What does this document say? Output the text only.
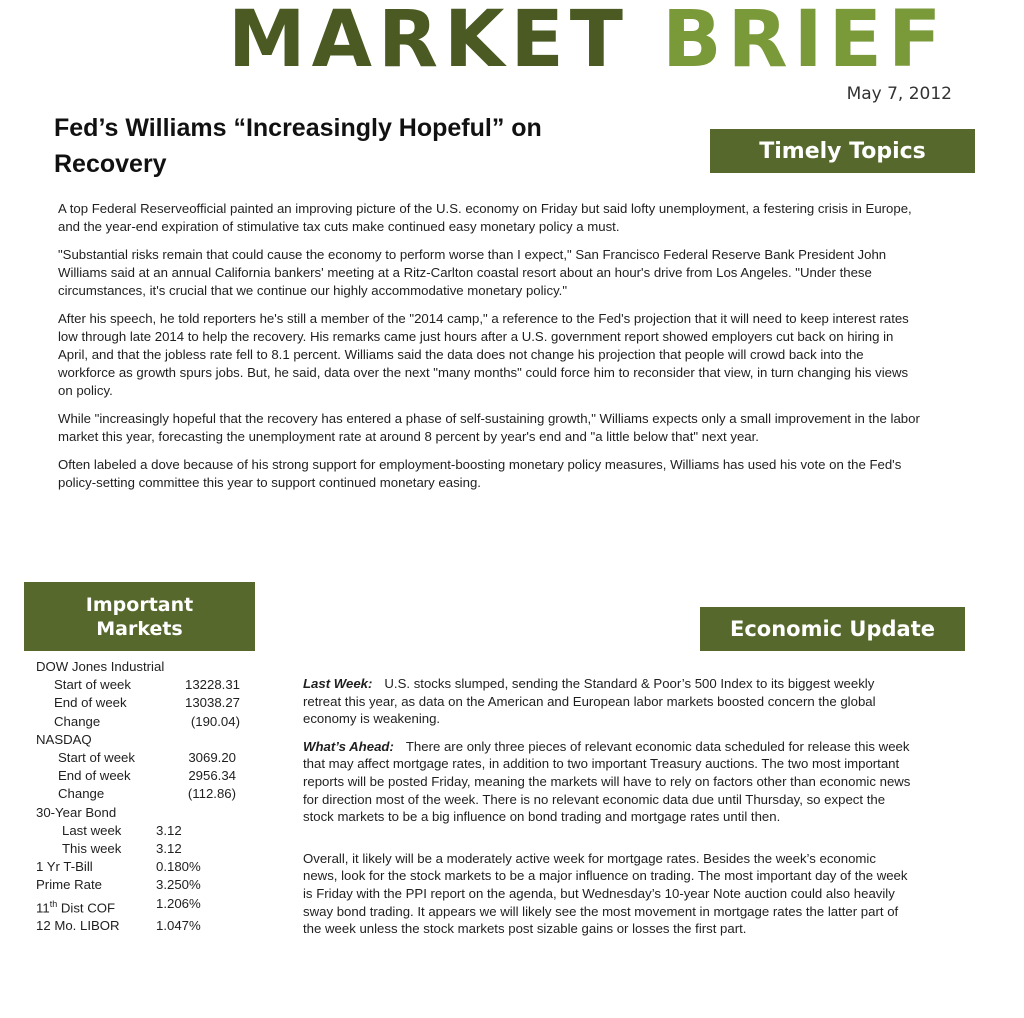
MARKET BRIEF
May 7, 2012
Fed’s Williams “Increasingly Hopeful” on Recovery	Timely Topics

A top Federal Reserveofficial painted an improving picture of the U.S. economy on Friday but said lofty unemployment, a festering crisis in Europe, and the year-end expiration of stimulative tax cuts make continued easy monetary policy a must.

"Substantial risks remain that could cause the economy to perform worse than I expect," San Francisco Federal Reserve Bank President John Williams said at an annual California bankers' meeting at a Ritz-Carlton coastal resort about an hour's drive from Los Angeles. "Under these circumstances, it's crucial that we continue our highly accommodative monetary policy."

After his speech, he told reporters he's still a member of the "2014 camp," a reference to the Fed's projection that it will need to keep interest rates low through late 2014 to help the recovery. His remarks came just hours after a U.S. government report showed employers cut back on hiring in April, and that the jobless rate fell to 8.1 percent. Williams said the data does not change his projection that people will crowd back into the workforce as growth spurs jobs. But, he said, data over the next "many months" could force him to reconsider that view, in turn changing his views on policy.

While "increasingly hopeful that the recovery has entered a phase of self-sustaining growth," Williams expects only a small improvement in the labor market this year, forecasting the unemployment rate at around 8 percent by year's end and "a little below that" next year.

Often labeled a dove because of his strong support for employment-boosting monetary policy measures, Williams has used his vote on the Fed's policy-setting committee this year to support continued monetary easing.

Important
Markets
DOW Jones Industrial
Start of week	13228.31
End of week	13038.27
Change	(190.04)
NASDAQ
Start of week	3069.20
End of week	2956.34
Change	(112.86)
30-Year Bond
Last week	3.12
This week	3.12
1 Yr T-Bill	0.180%
Prime Rate	3.250%
11th Dist COF	1.206%
12 Mo. LIBOR	1.047%
Economic Update

Last Week: U.S. stocks slumped, sending the Standard & Poor’s 500 Index to its biggest weekly retreat this year, as data on the American and European labor markets boosted concern the global economy is weakening.

What’s Ahead: There are only three pieces of relevant economic data scheduled for release this week that may affect mortgage rates, in addition to two important Treasury auctions. The two most important reports will be posted Friday, meaning the markets will have to rely on factors other than economic news for direction most of the week. There is no relevant economic data due until Thursday, so expect the stock markets to be a big influence on bond trading and mortgage rates until then.

Overall, it likely will be a moderately active week for mortgage rates. Besides the week’s economic news, look for the stock markets to be a major influence on trading. The most important day of the week is Friday with the PPI report on the agenda, but Wednesday’s 10-year Note auction could also heavily sway bond trading. It appears we will likely see the most movement in mortgage rates the latter part of the week unless the stock markets post sizable gains or losses the first part.
